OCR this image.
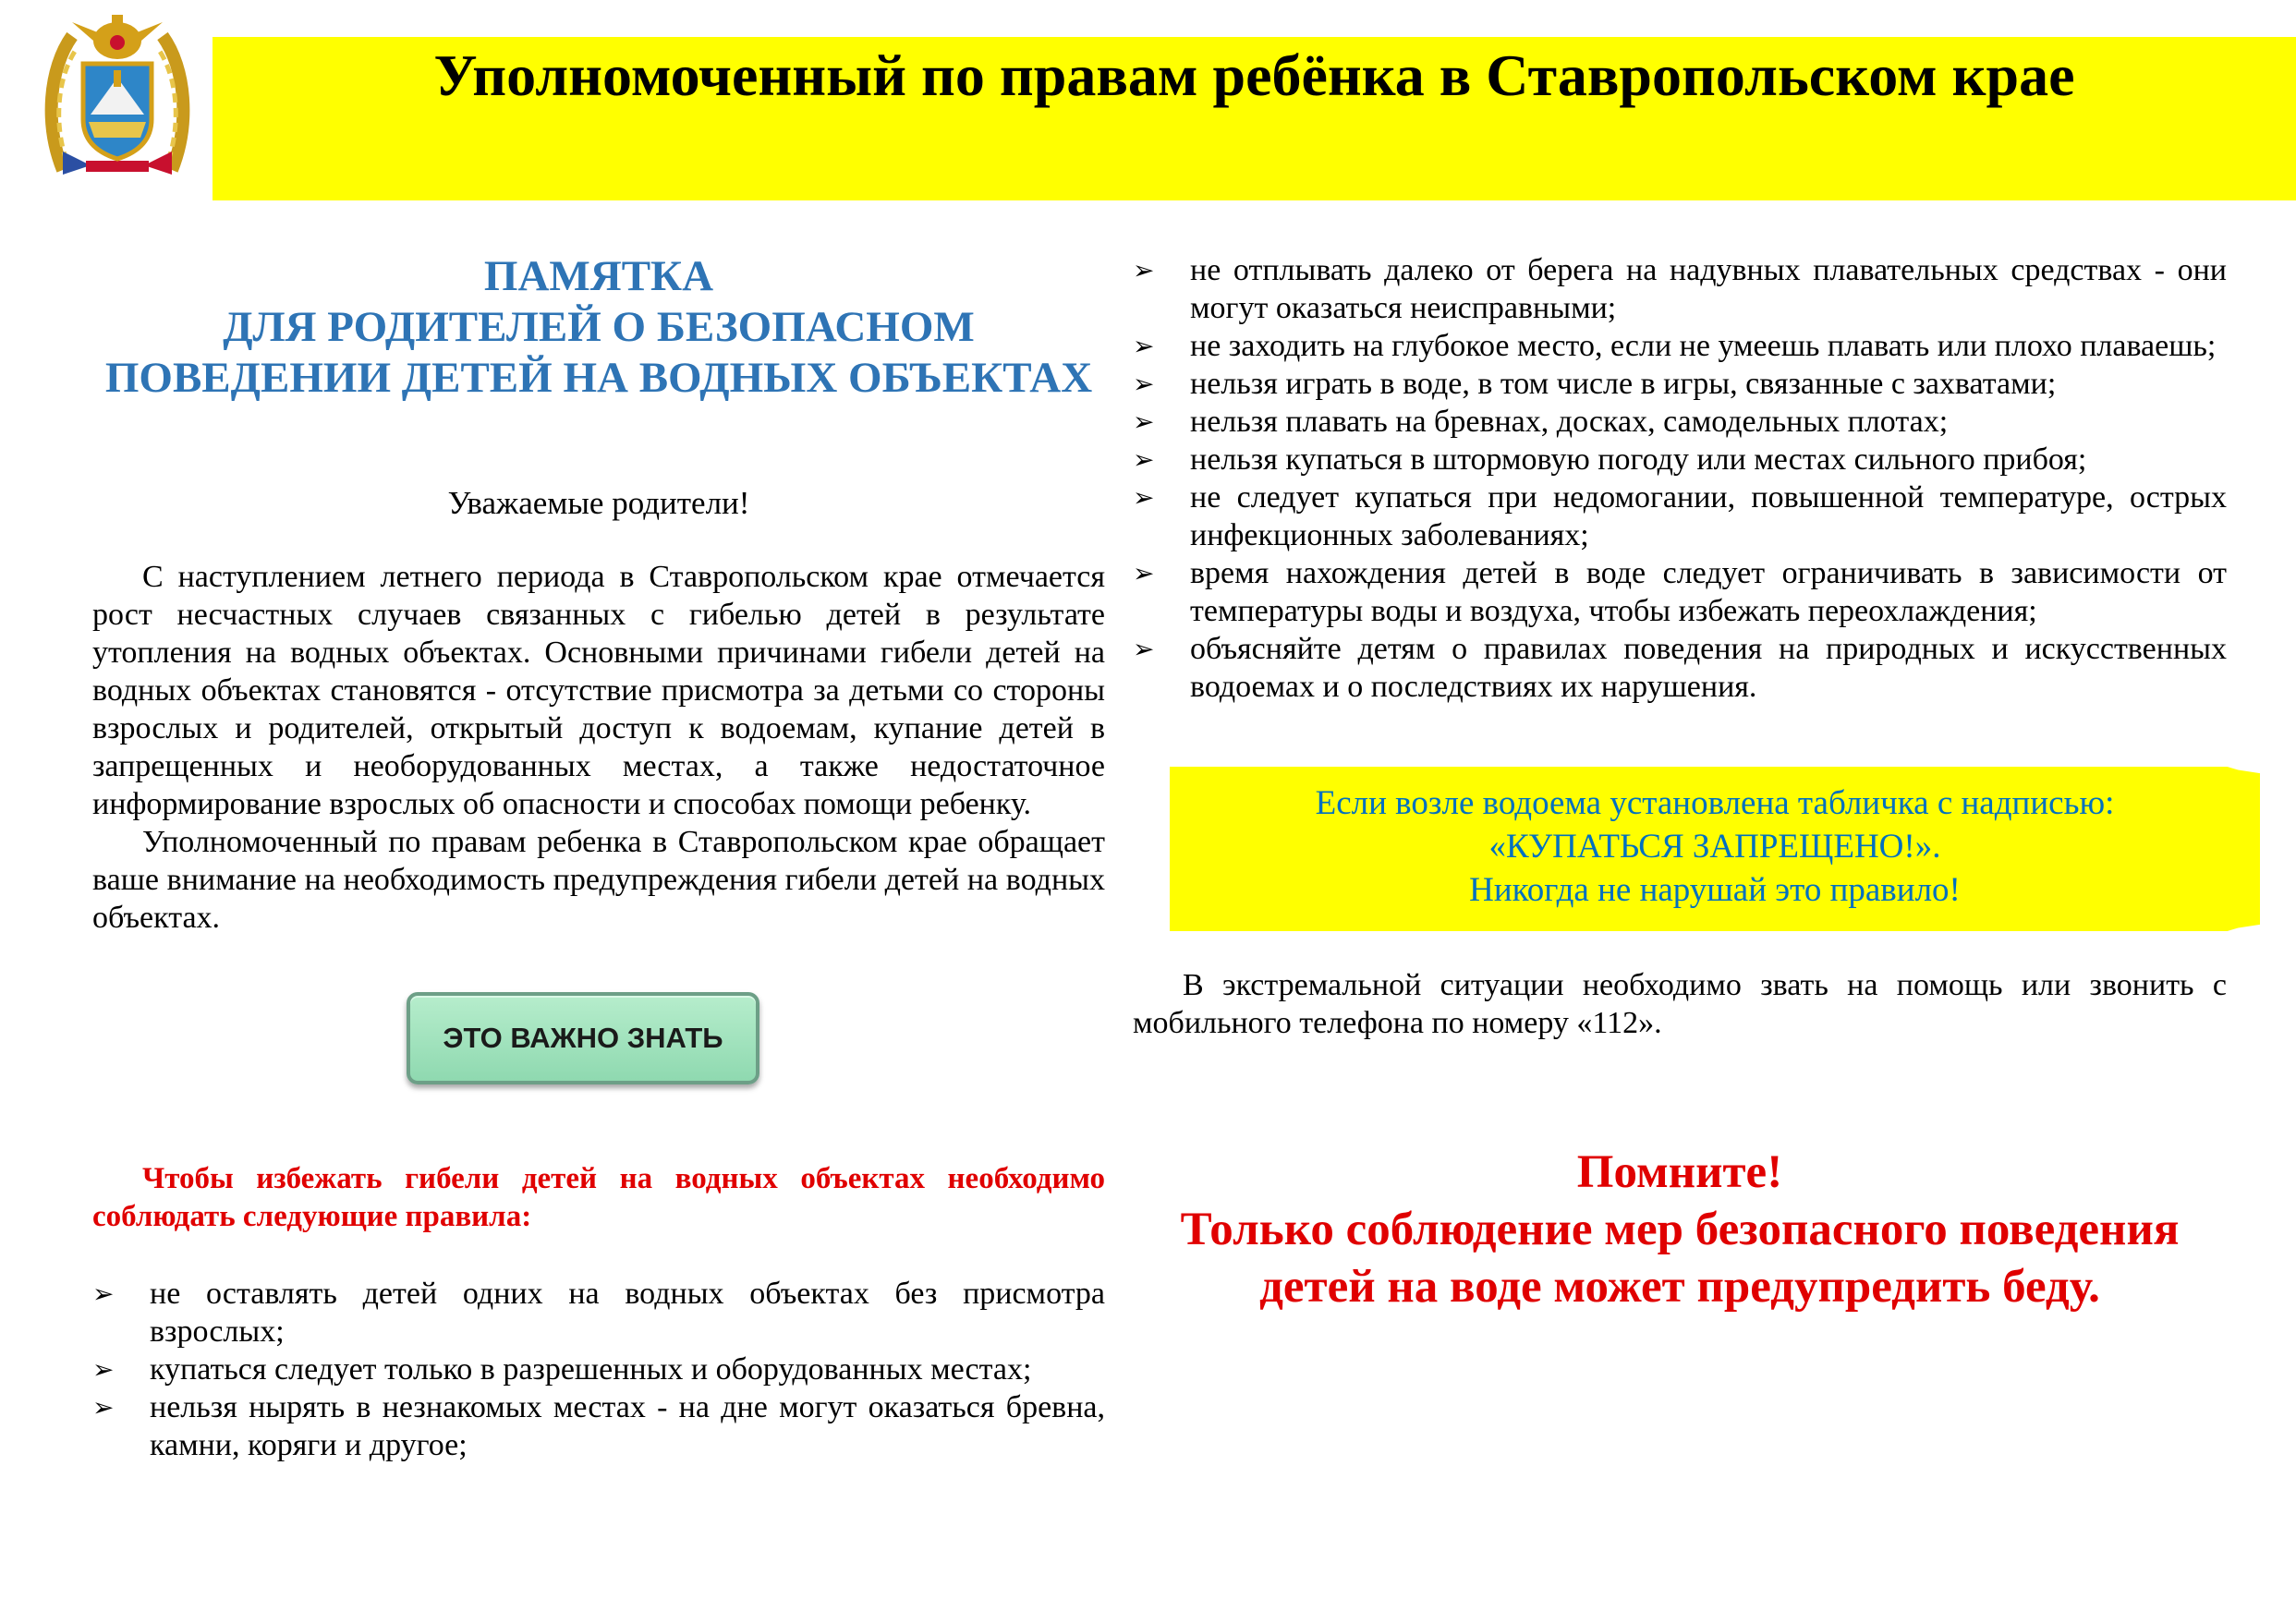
Уполномоченный по правам ребёнка в Ставропольском крае
ПАМЯТКА
ДЛЯ РОДИТЕЛЕЙ О БЕЗОПАСНОМ
ПОВЕДЕНИИ ДЕТЕЙ НА ВОДНЫХ ОБЪЕКТАХ

Уважаемые родители!

С наступлением летнего периода в Ставропольском крае отмечается рост несчастных случаев связанных с гибелью детей в результате утопления на водных объектах. Основными причинами гибели детей на водных объектах становятся - отсутствие присмотра за детьми со стороны взрослых и родителей, открытый доступ к водоемам, купание детей в запрещенных и необорудованных местах, а также недостаточное информирование взрослых об опасности и способах помощи ребенку.

Уполномоченный по правам ребенка в Ставропольском крае обращает ваше внимание на необходимость предупреждения гибели детей на водных объектах.

ЭТО ВАЖНО ЗНАТЬ

Чтобы избежать гибели детей на водных объектах необходимо соблюдать следующие правила:

➢ не оставлять детей одних на водных объектах без присмотра взрослых;
➢ купаться следует только в разрешенных и оборудованных местах;
➢ нельзя нырять в незнакомых местах - на дне могут оказаться бревна, камни, коряги и другое;
➢ не отплывать далеко от берега на надувных плавательных средствах - они могут оказаться неисправными;
➢ не заходить на глубокое место, если не умеешь плавать или плохо плаваешь;
➢ нельзя играть в воде, в том числе в игры, связанные с захватами;
➢ нельзя плавать на бревнах, досках, самодельных плотах;
➢ нельзя купаться в штормовую погоду или местах сильного прибоя;
➢ не следует купаться при недомогании, повышенной температуре, острых инфекционных заболеваниях;
➢ время нахождения детей в воде следует ограничивать в зависимости от температуры воды и воздуха, чтобы избежать переохлаждения;
➢ объясняйте детям о правилах поведения на природных и искусственных водоемах и о последствиях их нарушения.
Если возле водоема установлена табличка с надписью:
«КУПАТЬСЯ ЗАПРЕЩЕНО!».
Никогда не нарушай это правило!

В экстремальной ситуации необходимо звать на помощь или звонить с мобильного телефона по номеру «112».

Помните!
Только соблюдение мер безопасного поведения
детей на воде может предупредить беду.
